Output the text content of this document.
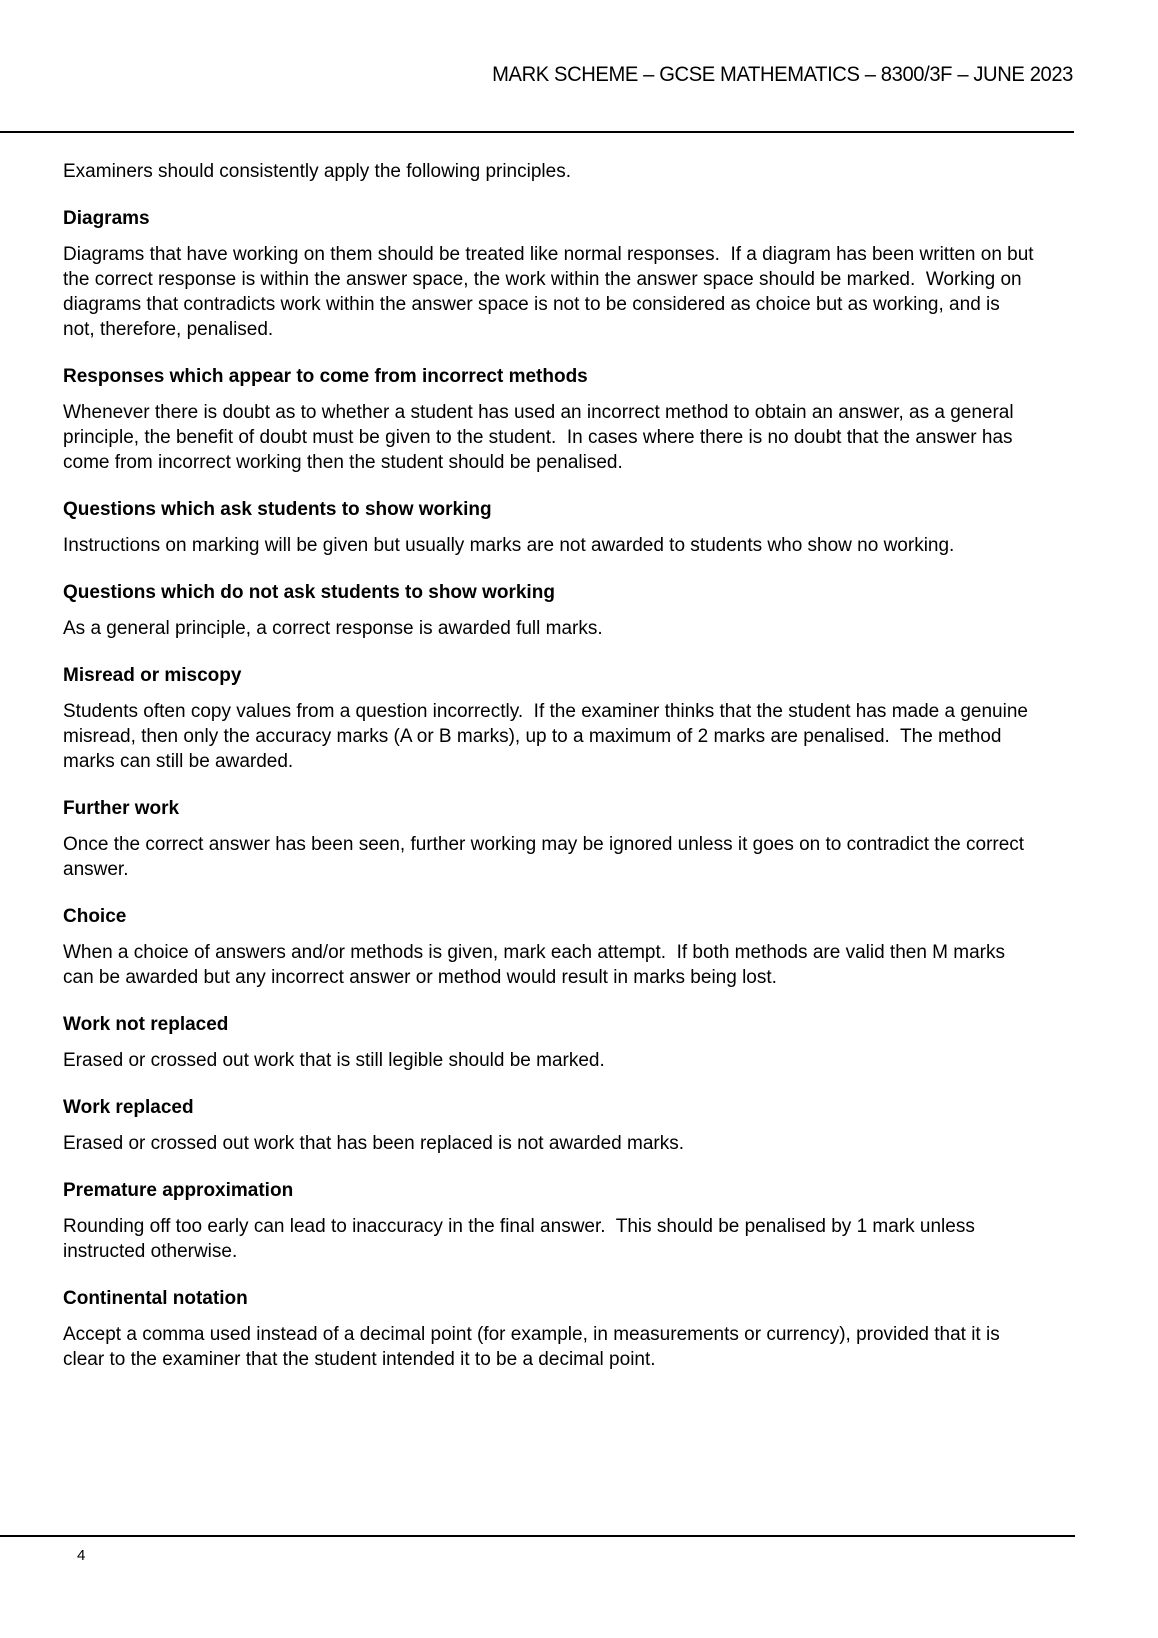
MARK SCHEME – GCSE MATHEMATICS – 8300/3F – JUNE 2023

Examiners should consistently apply the following principles.

Diagrams

Diagrams that have working on them should be treated like normal responses.  If a diagram has been written on but the correct response is within the answer space, the work within the answer space should be marked.  Working on diagrams that contradicts work within the answer space is not to be considered as choice but as working, and is not, therefore, penalised.

Responses which appear to come from incorrect methods

Whenever there is doubt as to whether a student has used an incorrect method to obtain an answer, as a general principle, the benefit of doubt must be given to the student.  In cases where there is no doubt that the answer has come from incorrect working then the student should be penalised.

Questions which ask students to show working

Instructions on marking will be given but usually marks are not awarded to students who show no working.

Questions which do not ask students to show working

As a general principle, a correct response is awarded full marks.

Misread or miscopy

Students often copy values from a question incorrectly.  If the examiner thinks that the student has made a genuine misread, then only the accuracy marks (A or B marks), up to a maximum of 2 marks are penalised.  The method marks can still be awarded.

Further work

Once the correct answer has been seen, further working may be ignored unless it goes on to contradict the correct answer.

Choice

When a choice of answers and/or methods is given, mark each attempt.  If both methods are valid then M marks can be awarded but any incorrect answer or method would result in marks being lost.

Work not replaced

Erased or crossed out work that is still legible should be marked.

Work replaced

Erased or crossed out work that has been replaced is not awarded marks.

Premature approximation

Rounding off too early can lead to inaccuracy in the final answer.  This should be penalised by 1 mark unless instructed otherwise.

Continental notation

Accept a comma used instead of a decimal point (for example, in measurements or currency), provided that it is clear to the examiner that the student intended it to be a decimal point.

4
